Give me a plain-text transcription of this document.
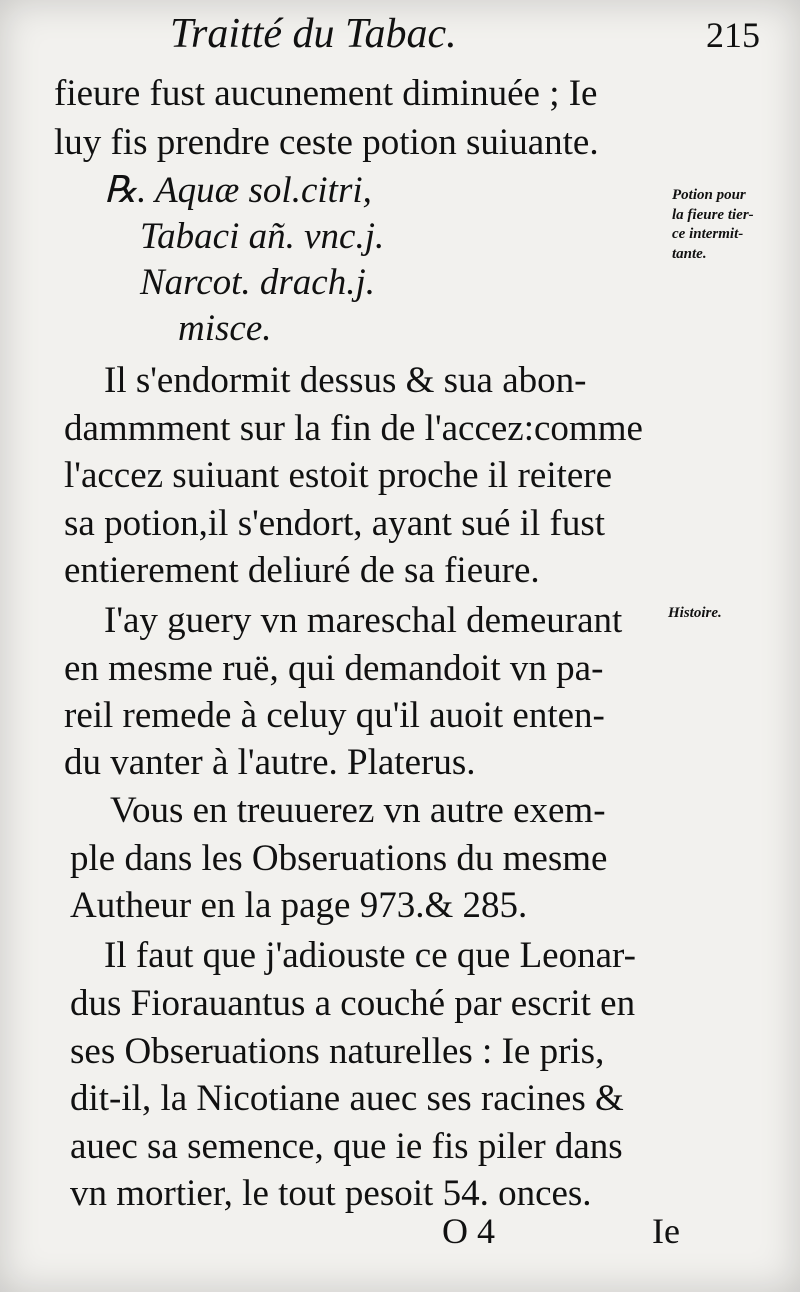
Traitté du Tabac.	215
fieure fust aucunement diminuée ; Ie
luy fis prendre ceste potion suiuante.
℞. Aquæ sol.citri,
Tabaci añ. vnc.j.
Narcot. drach.j.
misce.
Il s'endormit dessus & sua abon-
dammment sur la fin de l'accez:comme
l'accez suiuant estoit proche il reitere
sa potion,il s'endort, ayant sué il fust
entierement deliuré de sa fieure.
I'ay guery vn mareschal demeurant
en mesme ruë, qui demandoit vn pa-
reil remede à celuy qu'il auoit enten-
du vanter à l'autre. Platerus.
Vous en treuuerez vn autre exem-
ple dans les Obseruations du mesme
Autheur en la page 973.& 285.
Il faut que j'adiouste ce que Leonar-
dus Fiorauantus a couché par escrit en
ses Obseruations naturelles : Ie pris,
dit-il, la Nicotiane auec ses racines &
auec sa semence, que ie fis piler dans
vn mortier, le tout pesoit 54. onces.
Potion pour
la fieure tier-
ce intermit-
tante.
Histoire.
O 4	Ie
